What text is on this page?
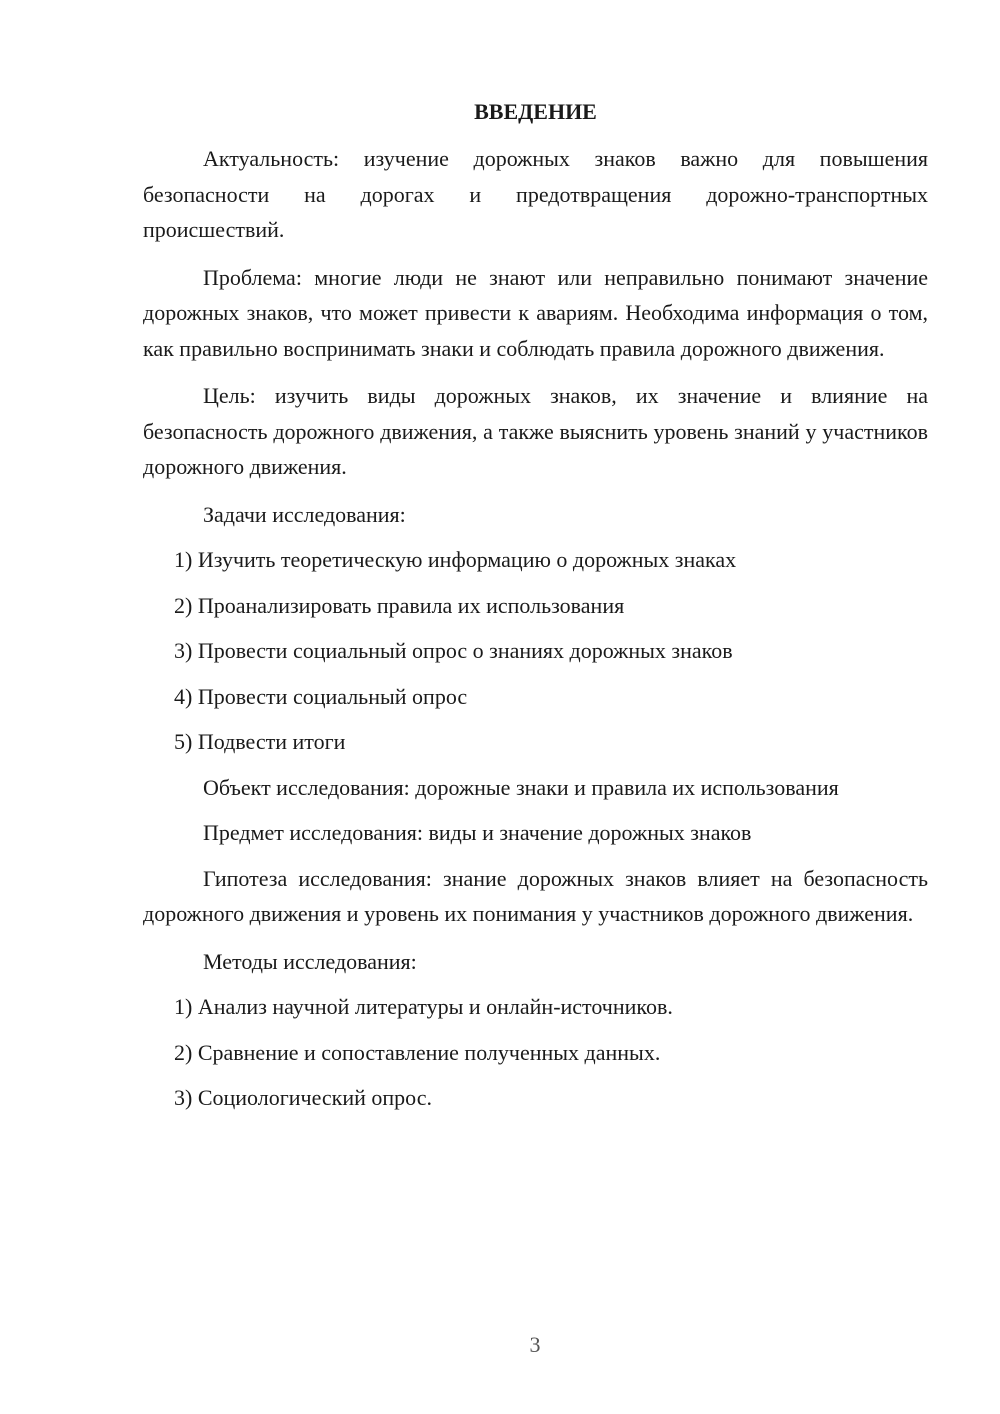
ВВЕДЕНИЕ

Актуальность: изучение дорожных знаков важно для повышения безопасности на дорогах и предотвращения дорожно-транспортных происшествий.

Проблема: многие люди не знают или неправильно понимают значение дорожных знаков, что может привести к авариям. Необходима информация о том, как правильно воспринимать знаки и соблюдать правила дорожного движения.

Цель: изучить виды дорожных знаков, их значение и влияние на безопасность дорожного движения, а также выяснить уровень знаний у участников дорожного движения.

Задачи исследования:

1) Изучить теоретическую информацию о дорожных знаках
2) Проанализировать правила их использования
3) Провести социальный опрос о знаниях дорожных знаков
4) Провести социальный опрос
5) Подвести итоги

Объект исследования: дорожные знаки и правила их использования

Предмет исследования: виды и значение дорожных знаков

Гипотеза исследования: знание дорожных знаков влияет на безопасность дорожного движения и уровень их понимания у участников дорожного движения.

Методы исследования:

1) Анализ научной литературы и онлайн-источников.
2) Сравнение и сопоставление полученных данных.
3) Социологический опрос.
3
